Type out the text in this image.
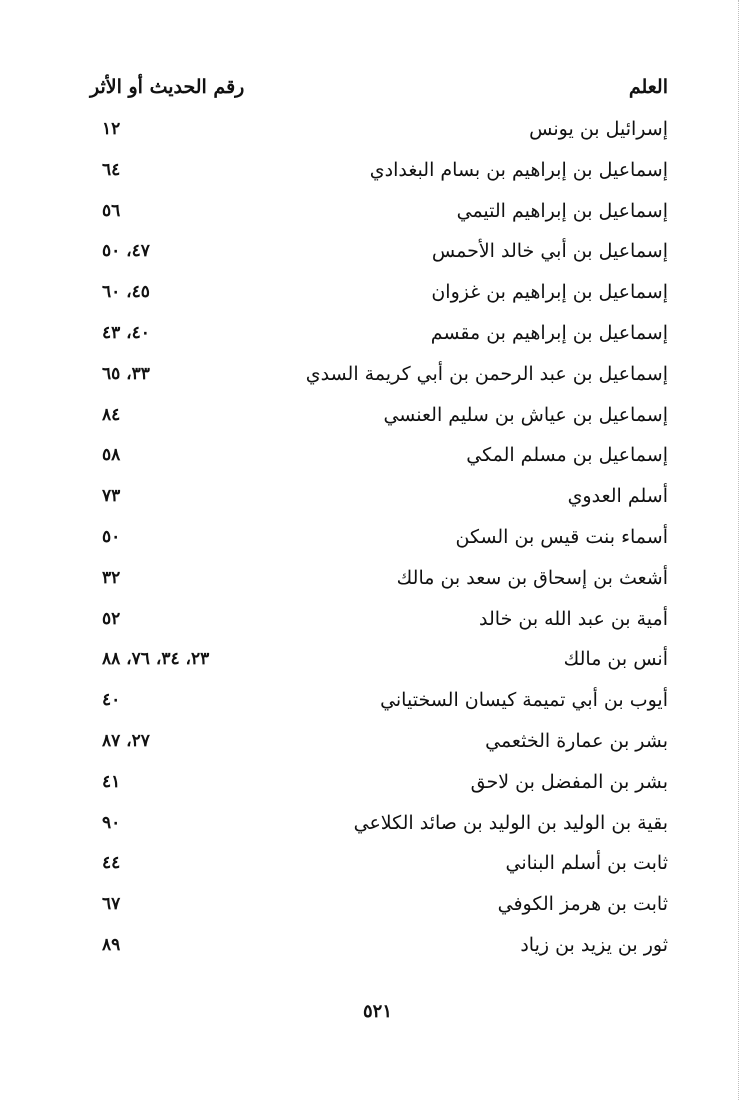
العلم
رقم الحديث أو الأثر
إسرائيل بن يونس
١٢
إسماعيل بن إبراهيم بن بسام البغدادي
٦٤
إسماعيل بن إبراهيم التيمي
٥٦
إسماعيل بن أبي خالد الأحمس
٤٧، ٥٠
إسماعيل بن إبراهيم بن غزوان
٤٥، ٦٠
إسماعيل بن إبراهيم بن مقسم
٤٠، ٤٣
إسماعيل بن عبد الرحمن بن أبي كريمة السدي
٣٣، ٦٥
إسماعيل بن عياش بن سليم العنسي
٨٤
إسماعيل بن مسلم المكي
٥٨
أسلم العدوي
٧٣
أسماء بنت قيس بن السكن
٥٠
أشعث بن إسحاق بن سعد بن مالك
٣٢
أمية بن عبد الله بن خالد
٥٢
أنس بن مالك
٢٣، ٣٤، ٧٦، ٨٨
أيوب بن أبي تميمة كيسان السختياني
٤٠
بشر بن عمارة الخثعمي
٢٧، ٨٧
بشر بن المفضل بن لاحق
٤١
بقية بن الوليد بن الوليد بن صائد الكلاعي
٩٠
ثابت بن أسلم البناني
٤٤
ثابت بن هرمز الكوفي
٦٧
ثور بن يزيد بن زياد
٨٩
٥٢١
